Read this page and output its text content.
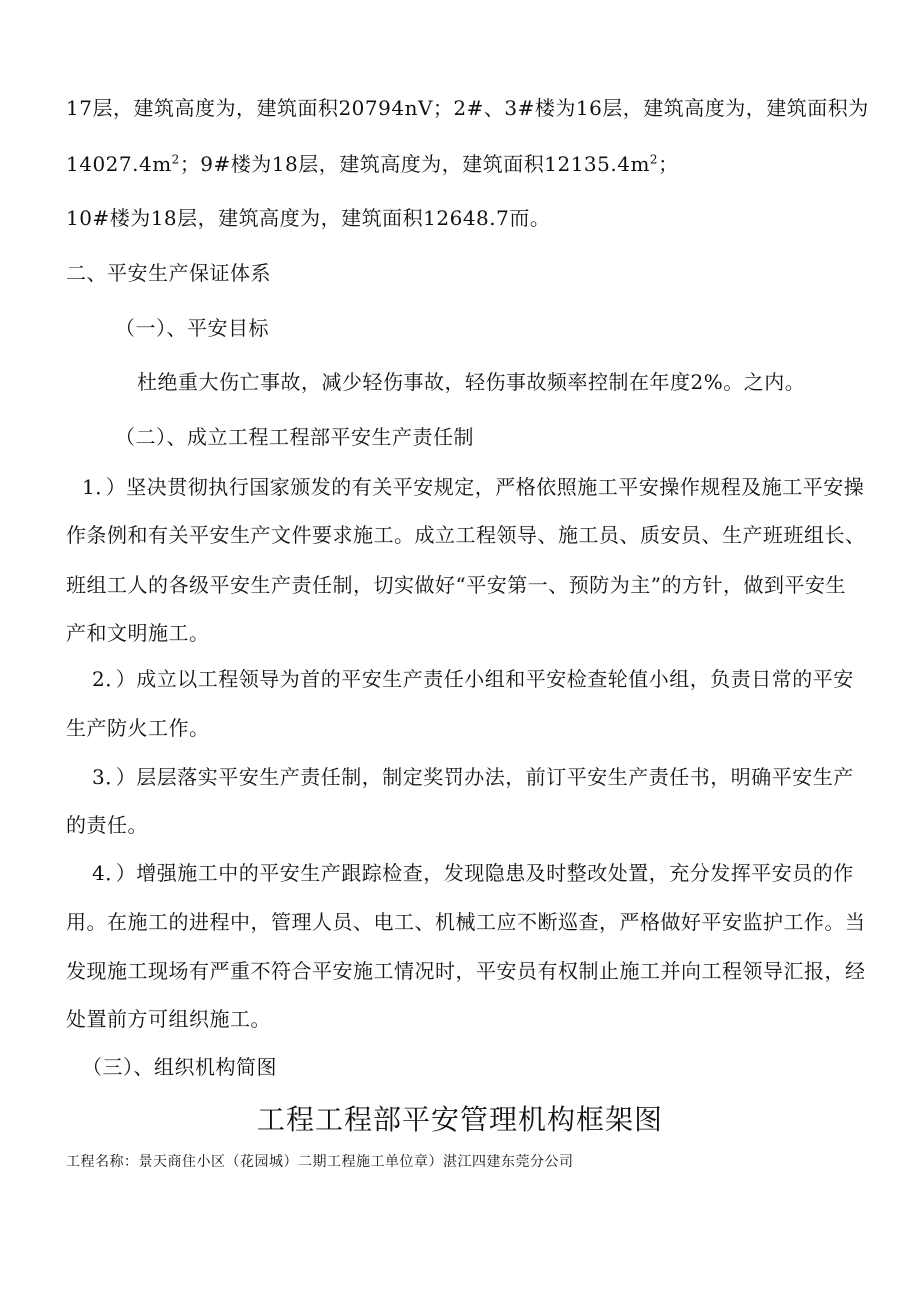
17层，建筑高度为，建筑面积20794nV；2#、3#楼为16层，建筑高度为，建筑面积为
$14027.4m^2$；9#楼为18层，建筑高度为，建筑面积$12135.4m^2$；
10#楼为18层，建筑高度为，建筑面积12648.7而。
二、平安生产保证体系
（一）、平安目标
杜绝重大伤亡事故，减少轻伤事故，轻伤事故频率控制在年度2%。之内。
（二）、成立工程工程部平安生产责任制
1．）坚决贯彻执行国家颁发的有关平安规定，严格依照施工平安操作规程及施工平安操
作条例和有关平安生产文件要求施工。成立工程领导、施工员、质安员、生产班班组长、
班组工人的各级平安生产责任制，切实做好“平安第一、预防为主”的方针，做到平安生
产和文明施工。
2．）成立以工程领导为首的平安生产责任小组和平安检查轮值小组，负责日常的平安
生产防火工作。
3．）层层落实平安生产责任制，制定奖罚办法，前订平安生产责任书，明确平安生产
的责任。
4．）增强施工中的平安生产跟踪检查，发现隐患及时整改处置，充分发挥平安员的作
用。在施工的进程中，管理人员、电工、机械工应不断巡查，严格做好平安监护工作。当
发现施工现场有严重不符合平安施工情况时，平安员有权制止施工并向工程领导汇报，经
处置前方可组织施工。
（三）、组织机构简图
工程工程部平安管理机构框架图
工程名称：景天商住小区（花园城）二期工程施工单位章）湛江四建东莞分公司
